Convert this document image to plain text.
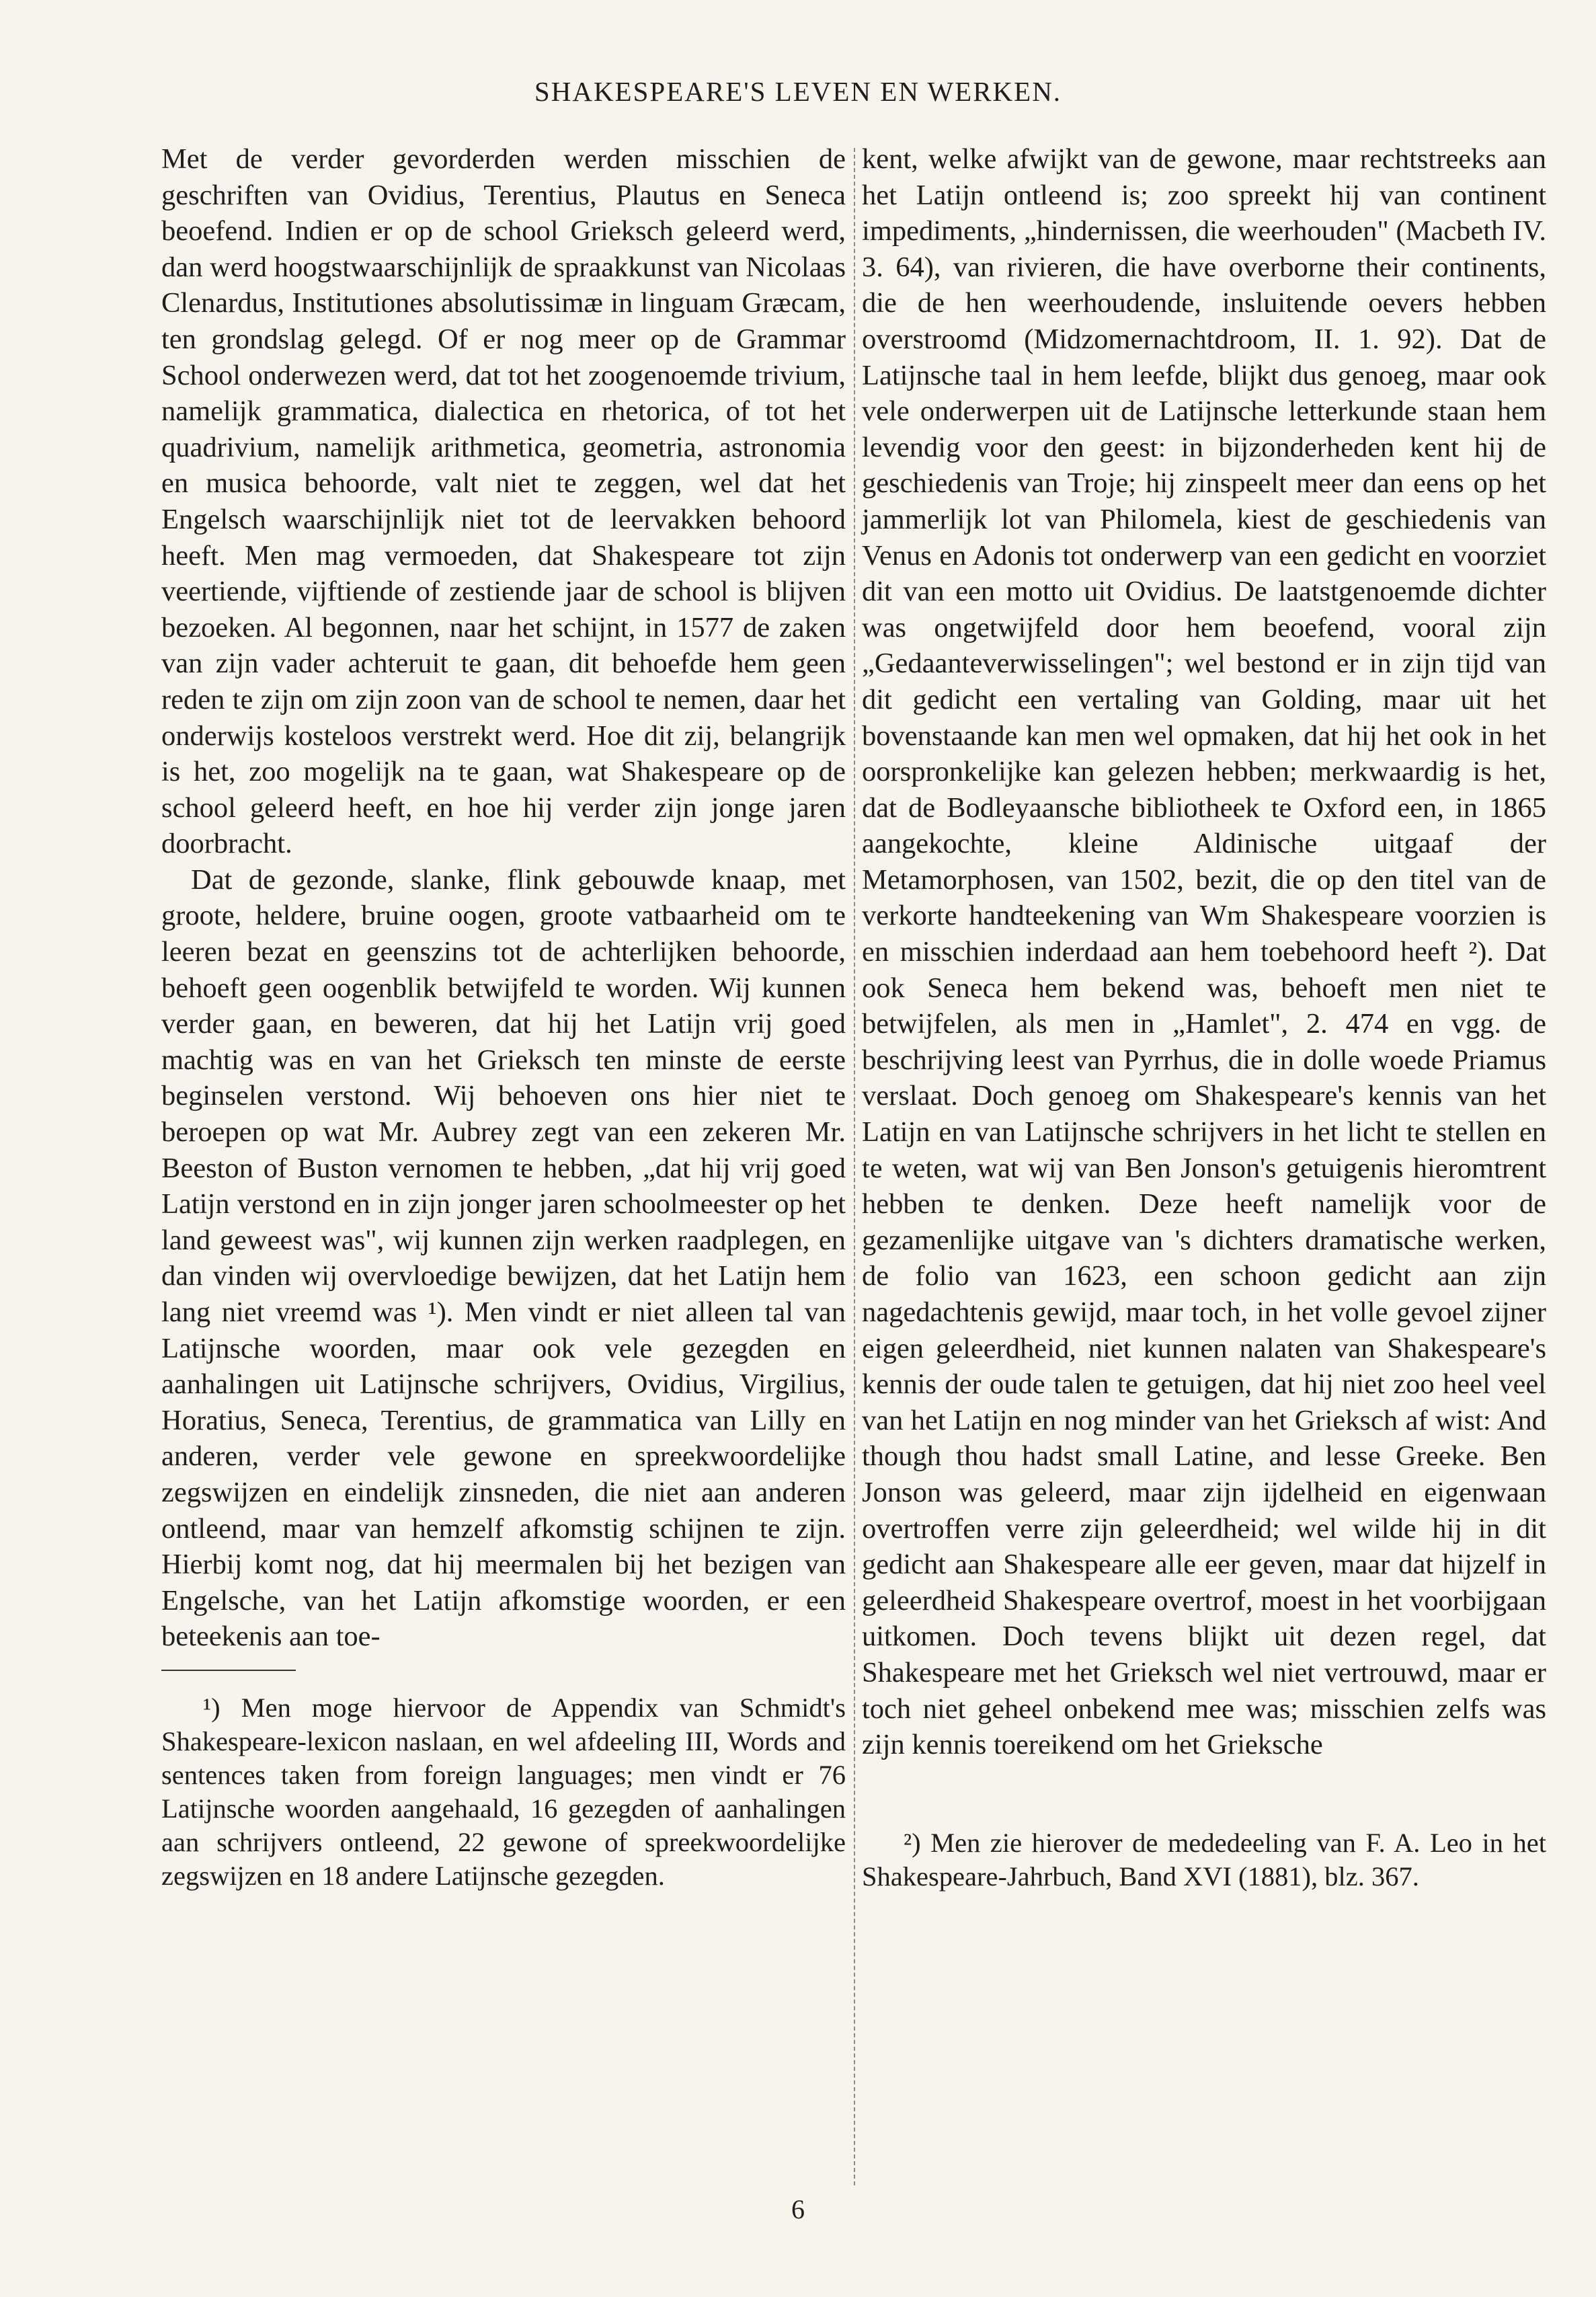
SHAKESPEARE'S LEVEN EN WERKEN.

Met de verder gevorderden werden misschien de geschriften van Ovidius, Terentius, Plautus en Seneca beoefend. Indien er op de school Grieksch geleerd werd, dan werd hoogstwaarschijnlijk de spraakkunst van Nicolaas Clenardus, Institutiones absolutissimæ in linguam Græcam, ten grondslag gelegd. Of er nog meer op de Grammar School onderwezen werd, dat tot het zoogenoemde trivium, namelijk grammatica, dialectica en rhetorica, of tot het quadrivium, namelijk arithmetica, geometria, astronomia en musica behoorde, valt niet te zeggen, wel dat het Engelsch waarschijnlijk niet tot de leervakken behoord heeft. Men mag vermoeden, dat Shakespeare tot zijn veertiende, vijftiende of zestiende jaar de school is blijven bezoeken. Al begonnen, naar het schijnt, in 1577 de zaken van zijn vader achteruit te gaan, dit behoefde hem geen reden te zijn om zijn zoon van de school te nemen, daar het onderwijs kosteloos verstrekt werd. Hoe dit zij, belangrijk is het, zoo mogelijk na te gaan, wat Shakespeare op de school geleerd heeft, en hoe hij verder zijn jonge jaren doorbracht.

Dat de gezonde, slanke, flink gebouwde knaap, met groote, heldere, bruine oogen, groote vatbaarheid om te leeren bezat en geenszins tot de achterlijken behoorde, behoeft geen oogenblik betwijfeld te worden. Wij kunnen verder gaan, en beweren, dat hij het Latijn vrij goed machtig was en van het Grieksch ten minste de eerste beginselen verstond. Wij behoeven ons hier niet te beroepen op wat Mr. Aubrey zegt van een zekeren Mr. Beeston of Buston vernomen te hebben, „dat hij vrij goed Latijn verstond en in zijn jonger jaren schoolmeester op het land geweest was", wij kunnen zijn werken raadplegen, en dan vinden wij overvloedige bewijzen, dat het Latijn hem lang niet vreemd was ¹). Men vindt er niet alleen tal van Latijnsche woorden, maar ook vele gezegden en aanhalingen uit Latijnsche schrijvers, Ovidius, Virgilius, Horatius, Seneca, Terentius, de grammatica van Lilly en anderen, verder vele gewone en spreekwoordelijke zegswijzen en eindelijk zinsneden, die niet aan anderen ontleend, maar van hemzelf afkomstig schijnen te zijn. Hierbij komt nog, dat hij meermalen bij het bezigen van Engelsche, van het Latijn afkomstige woorden, er een beteekenis aan toe-

¹) Men moge hiervoor de Appendix van Schmidt's Shakespeare-lexicon naslaan, en wel afdeeling III, Words and sentences taken from foreign languages; men vindt er 76 Latijnsche woorden aangehaald, 16 gezegden of aanhalingen aan schrijvers ontleend, 22 gewone of spreekwoordelijke zegswijzen en 18 andere Latijnsche gezegden.

kent, welke afwijkt van de gewone, maar rechtstreeks aan het Latijn ontleend is; zoo spreekt hij van continent impediments, „hindernissen, die weerhouden" (Macbeth IV. 3. 64), van rivieren, die have overborne their continents, die de hen weerhoudende, insluitende oevers hebben overstroomd (Midzomernachtdroom, II. 1. 92). Dat de Latijnsche taal in hem leefde, blijkt dus genoeg, maar ook vele onderwerpen uit de Latijnsche letterkunde staan hem levendig voor den geest: in bijzonderheden kent hij de geschiedenis van Troje; hij zinspeelt meer dan eens op het jammerlijk lot van Philomela, kiest de geschiedenis van Venus en Adonis tot onderwerp van een gedicht en voorziet dit van een motto uit Ovidius. De laatstgenoemde dichter was ongetwijfeld door hem beoefend, vooral zijn „Gedaanteverwisselingen"; wel bestond er in zijn tijd van dit gedicht een vertaling van Golding, maar uit het bovenstaande kan men wel opmaken, dat hij het ook in het oorspronkelijke kan gelezen hebben; merkwaardig is het, dat de Bodleyaansche bibliotheek te Oxford een, in 1865 aangekochte, kleine Aldinische uitgaaf der Metamorphosen, van 1502, bezit, die op den titel van de verkorte handteekening van Wm Shakespeare voorzien is en misschien inderdaad aan hem toebehoord heeft ²). Dat ook Seneca hem bekend was, behoeft men niet te betwijfelen, als men in „Hamlet", 2. 474 en vgg. de beschrijving leest van Pyrrhus, die in dolle woede Priamus verslaat. Doch genoeg om Shakespeare's kennis van het Latijn en van Latijnsche schrijvers in het licht te stellen en te weten, wat wij van Ben Jonson's getuigenis hieromtrent hebben te denken. Deze heeft namelijk voor de gezamenlijke uitgave van 's dichters dramatische werken, de folio van 1623, een schoon gedicht aan zijn nagedachtenis gewijd, maar toch, in het volle gevoel zijner eigen geleerdheid, niet kunnen nalaten van Shakespeare's kennis der oude talen te getuigen, dat hij niet zoo heel veel van het Latijn en nog minder van het Grieksch af wist: And though thou hadst small Latine, and lesse Greeke. Ben Jonson was geleerd, maar zijn ijdelheid en eigenwaan overtroffen verre zijn geleerdheid; wel wilde hij in dit gedicht aan Shakespeare alle eer geven, maar dat hijzelf in geleerdheid Shakespeare overtrof, moest in het voorbijgaan uitkomen. Doch tevens blijkt uit dezen regel, dat Shakespeare met het Grieksch wel niet vertrouwd, maar er toch niet geheel onbekend mee was; misschien zelfs was zijn kennis toereikend om het Grieksche

²) Men zie hierover de mededeeling van F. A. Leo in het Shakespeare-Jahrbuch, Band XVI (1881), blz. 367.

6
